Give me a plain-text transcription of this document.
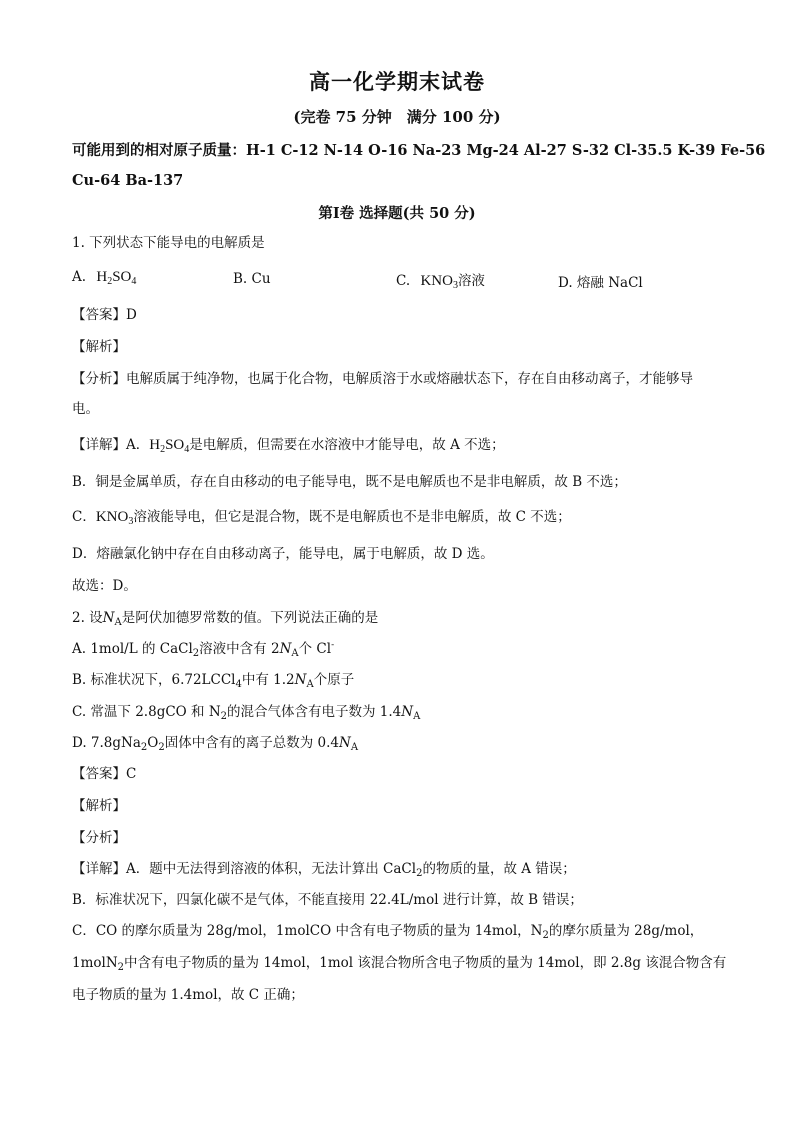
高一化学期末试卷
(完卷 75 分钟　满分 100 分)
可能用到的相对原子质量：H-1 C-12 N-14 O-16 Na-23 Mg-24 Al-27 S-32 Cl-35.5 K-39 Fe-56
Cu-64 Ba-137
第Ⅰ卷 选择题(共 50 分)
1. 下列状态下能导电的电解质是
A. $H_2SO_4$	B. Cu	C. $KNO_3$溶液	D. 熔融 NaCl
【答案】D
【解析】
【分析】电解质属于纯净物，也属于化合物，电解质溶于水或熔融状态下，存在自由移动离子，才能够导
电。
【详解】A．$H_2SO_4$是电解质，但需要在水溶液中才能导电，故 A 不选；
B．铜是金属单质，存在自由移动的电子能导电，既不是电解质也不是非电解质，故 B 不选；
C．$KNO_3$溶液能导电，但它是混合物，既不是电解质也不是非电解质，故 C 不选；
D．熔融氯化钠中存在自由移动离子，能导电，属于电解质，故 D 选。
故选：D。
2. 设$N_A$是阿伏加德罗常数的值。下列说法正确的是
A. 1mol/L 的 CaCl$_2$溶液中含有 $2N_A$个 Cl-
B. 标准状况下，6.72LCCl$_4$中有 $1.2N_A$个原子
C. 常温下 2.8gCO 和 $N_2$的混合气体含有电子数为 $1.4N_A$
D. $7.8gNa_2O_2$固体中含有的离子总数为 $0.4N_A$
【答案】C
【解析】
【分析】
【详解】A．题中无法得到溶液的体积，无法计算出 CaCl$_2$的物质的量，故 A 错误；
B．标准状况下，四氯化碳不是气体，不能直接用 22.4L/mol 进行计算，故 B 错误；
C．CO 的摩尔质量为 28g/mol，1molCO 中含有电子物质的量为 14mol，$N_2$的摩尔质量为 28g/mol，
1molN$_2$中含有电子物质的量为 14mol，1mol 该混合物所含电子物质的量为 14mol，即 2.8g 该混合物含有
电子物质的量为 1.4mol，故 C 正确；
